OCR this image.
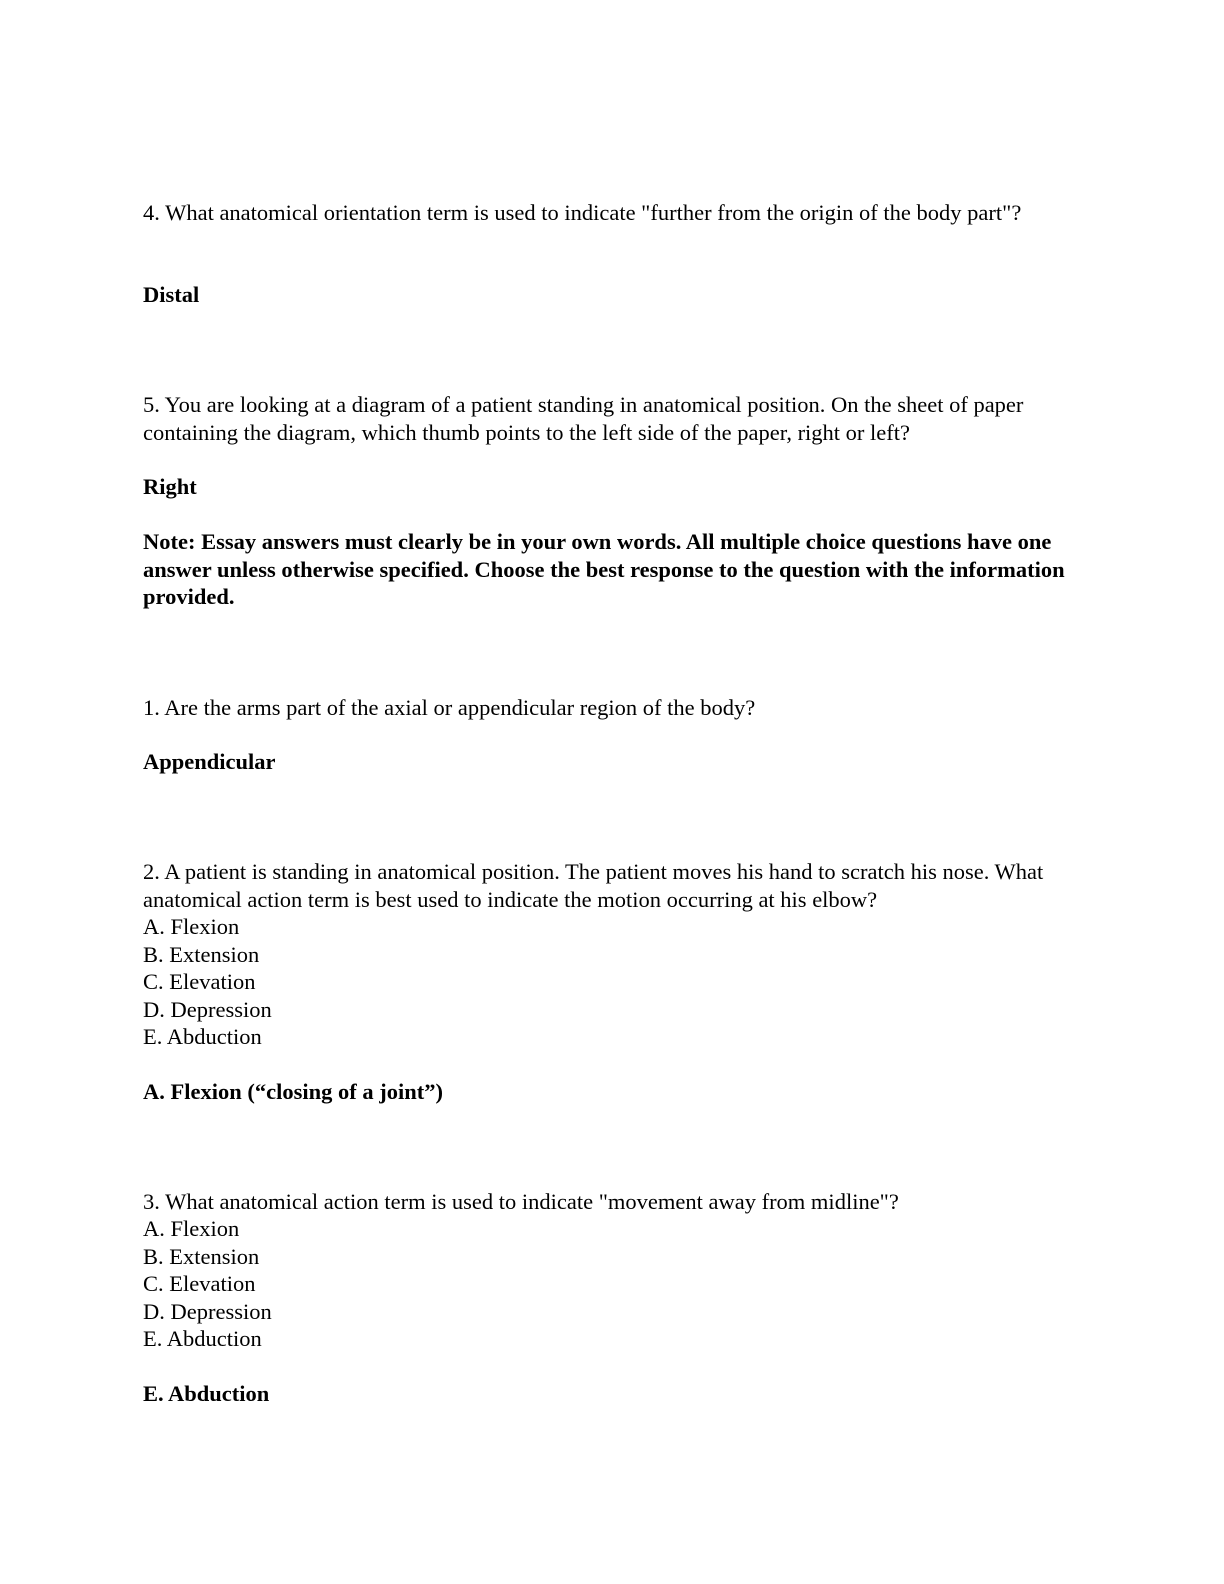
4. What anatomical orientation term is used to indicate "further from the origin of the body part"?

Distal

5. You are looking at a diagram of a patient standing in anatomical position. On the sheet of paper containing the diagram, which thumb points to the left side of the paper, right or left?

Right

Note: Essay answers must clearly be in your own words. All multiple choice questions have one answer unless otherwise specified. Choose the best response to the question with the information provided.

1. Are the arms part of the axial or appendicular region of the body?

Appendicular

2. A patient is standing in anatomical position. The patient moves his hand to scratch his nose. What anatomical action term is best used to indicate the motion occurring at his elbow?

A. Flexion
B. Extension
C. Elevation
D. Depression
E. Abduction

A. Flexion (“closing of a joint”)

3. What anatomical action term is used to indicate "movement away from midline"?

A. Flexion
B. Extension
C. Elevation
D. Depression
E. Abduction

E. Abduction
